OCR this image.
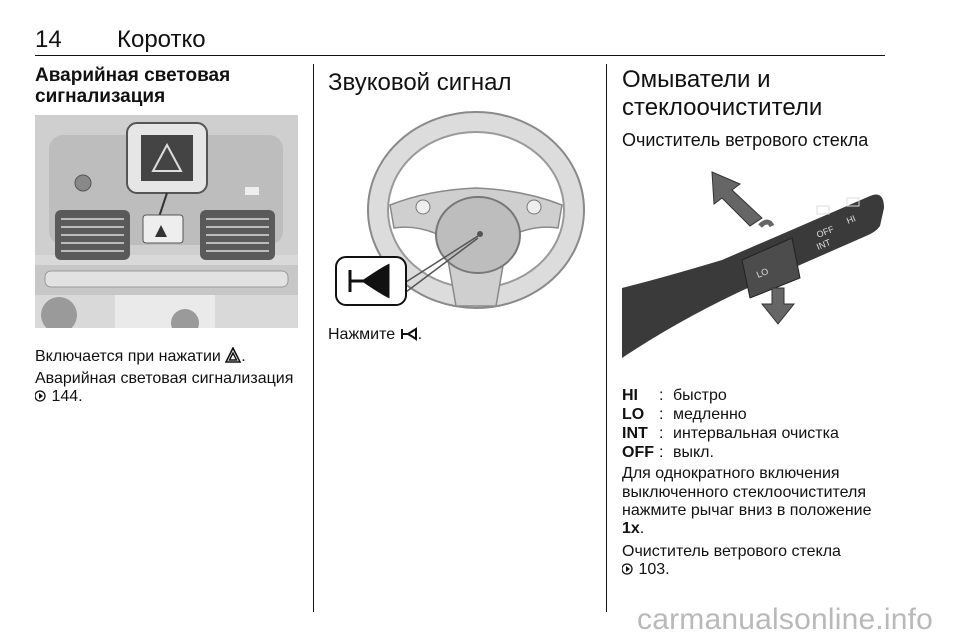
14 Коротко
Аварийная световая
сигнализация
Включается при нажатии .
Аварийная световая сигнализация
144.
Звуковой сигнал
Нажмите .
Омыватели и
стеклоочистители
Очиститель ветрового стекла
OFF
INT
HI
LO
HI	: быстро
LO : медленно
INT : интервальная очистка
OFF : выкл.
Для однократного включения
выключенного стеклоочистителя
нажмите рычаг вниз в положение
1x.
Очиститель ветрового стекла
103.
carmanualsonline.info
